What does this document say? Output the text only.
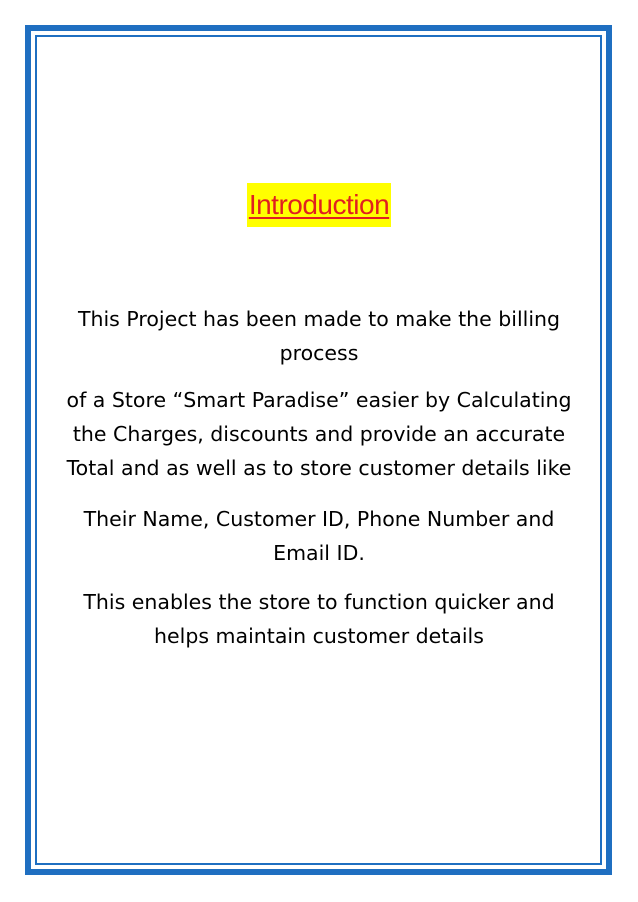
Introduction

This Project has been made to make the billing
process

of a Store “Smart Paradise” easier by Calculating
the Charges, discounts and provide an accurate
Total and as well as to store customer details like

Their Name, Customer ID, Phone Number and
Email ID.

This enables the store to function quicker and
helps maintain customer details
